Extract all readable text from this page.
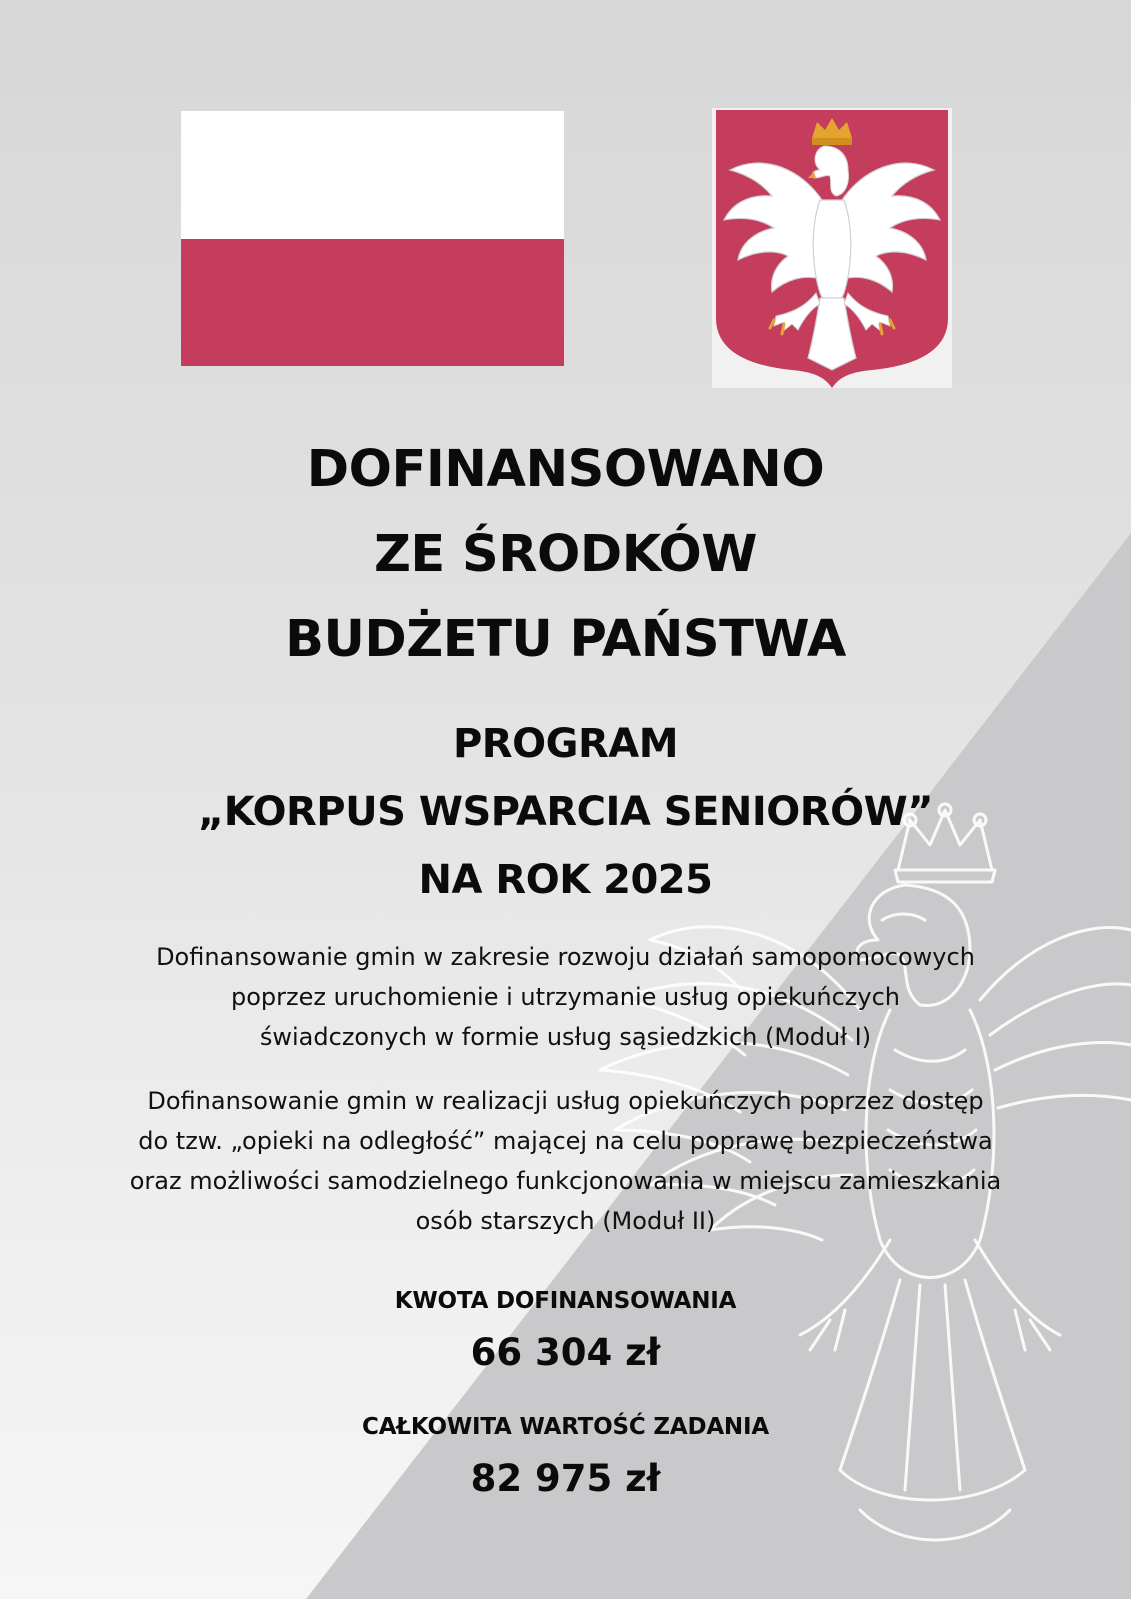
DOFINANSOWANO
ZE ŚRODKÓW
BUDŻETU PAŃSTWA
PROGRAM
„KORPUS WSPARCIA SENIORÓW”
NA ROK 2025
Dofinansowanie gmin w zakresie rozwoju działań samopomocowych
poprzez uruchomienie i utrzymanie usług opiekuńczych
świadczonych w formie usług sąsiedzkich (Moduł I)
Dofinansowanie gmin w realizacji usług opiekuńczych poprzez dostęp
do tzw. „opieki na odległość” mającej na celu poprawę bezpieczeństwa
oraz możliwości samodzielnego funkcjonowania w miejscu zamieszkania
osób starszych (Moduł II)
KWOTA DOFINANSOWANIA
66 304 zł
CAŁKOWITA WARTOŚĆ ZADANIA
82 975 zł
